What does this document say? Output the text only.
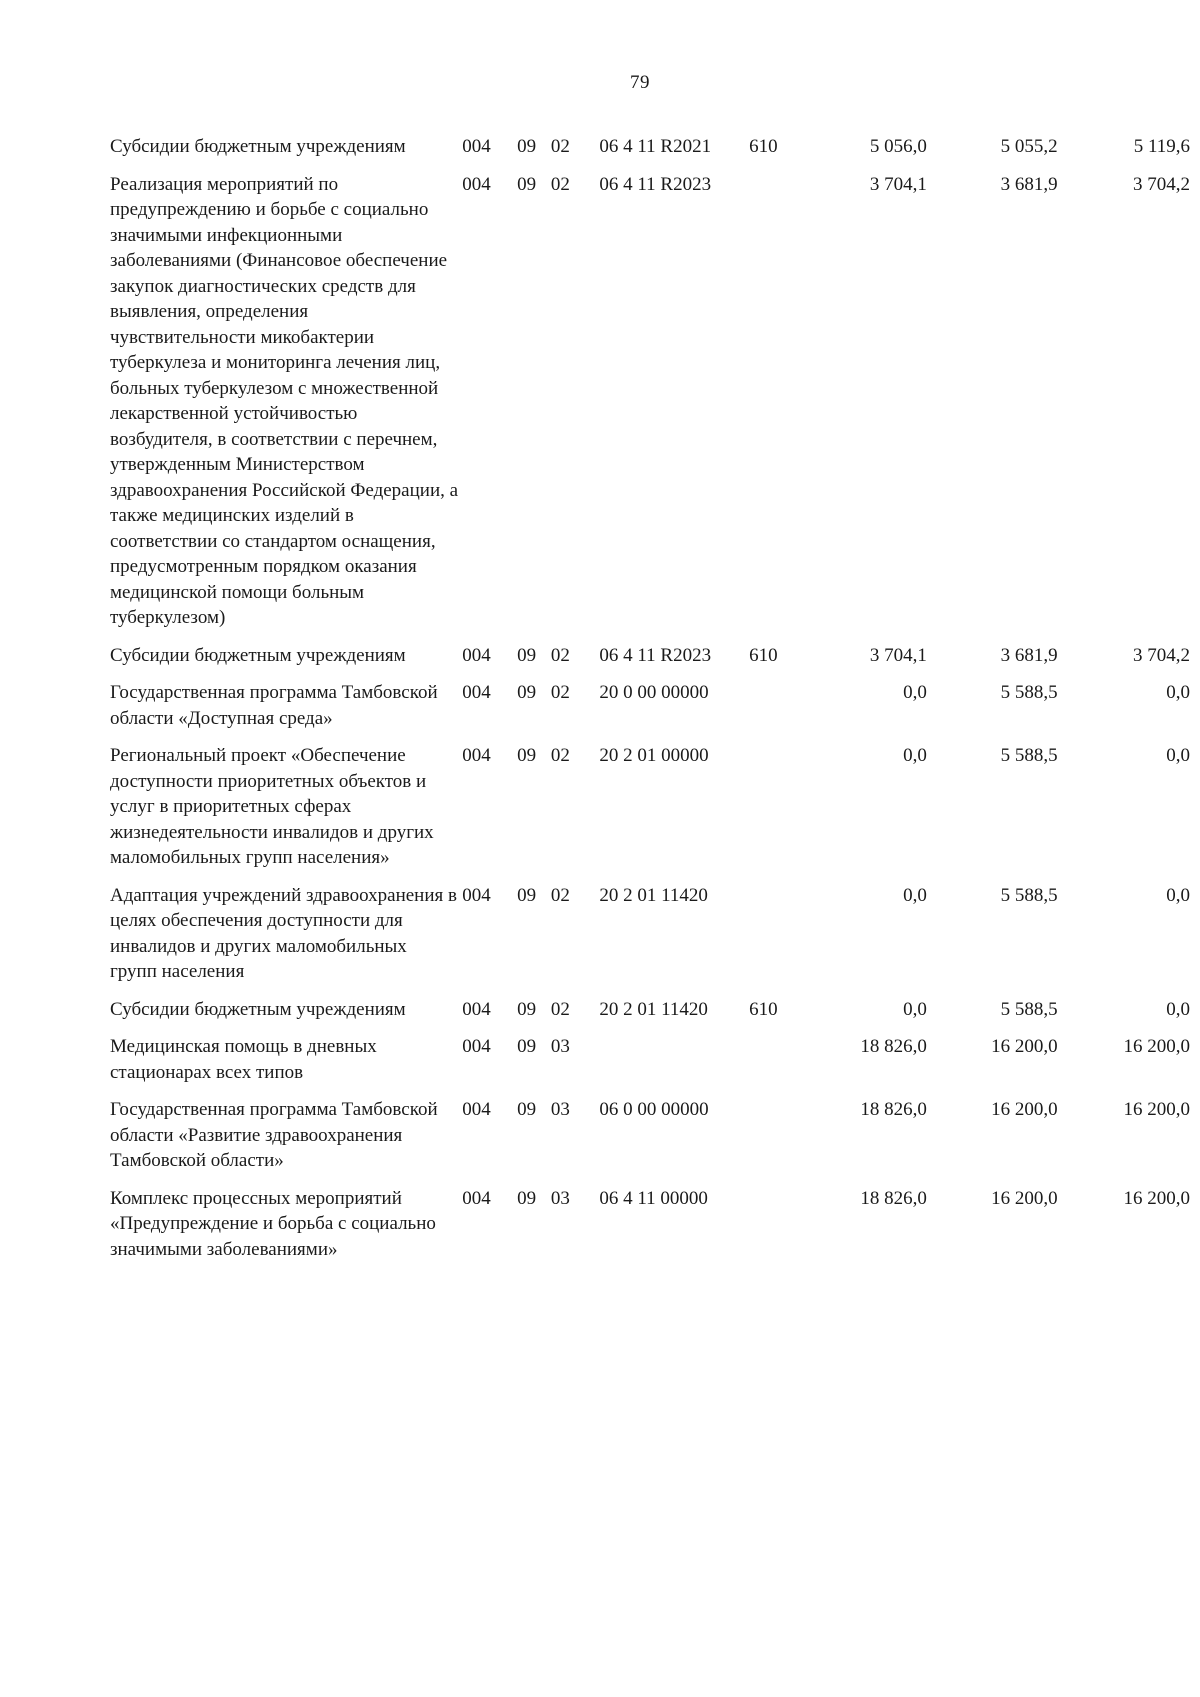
79
Субсидии бюджетным учреждениям	004	09	02	06 4 11 R2021	610	5 056,0	5 055,2	5 119,6
Реализация мероприятий по предупреждению и борьбе с социально значимыми инфекционными заболеваниями (Финансовое обеспечение закупок диагностических средств для выявления, определения чувствительности микобактерии туберкулеза и мониторинга лечения лиц, больных туберкулезом с множественной лекарственной устойчивостью возбудителя, в соответствии с перечнем, утвержденным Министерством здравоохранения Российской Федерации, а также медицинских изделий в соответствии со стандартом оснащения, предусмотренным порядком оказания медицинской помощи больным туберкулезом)	004	09	02	06 4 11 R2023		3 704,1	3 681,9	3 704,2
Субсидии бюджетным учреждениям	004	09	02	06 4 11 R2023	610	3 704,1	3 681,9	3 704,2
Государственная программа Тамбовской области «Доступная среда»	004	09	02	20 0 00 00000		0,0	5 588,5	0,0
Региональный проект «Обеспечение доступности приоритетных объектов и услуг в приоритетных сферах жизнедеятельности инвалидов и других маломобильных групп населения»	004	09	02	20 2 01 00000		0,0	5 588,5	0,0
Адаптация учреждений здравоохранения в целях обеспечения доступности для инвалидов и других маломобильных групп населения	004	09	02	20 2 01 11420		0,0	5 588,5	0,0
Субсидии бюджетным учреждениям	004	09	02	20 2 01 11420	610	0,0	5 588,5	0,0
Медицинская помощь в дневных стационарах всех типов	004	09	03			18 826,0	16 200,0	16 200,0
Государственная программа Тамбовской области «Развитие здравоохранения Тамбовской области»	004	09	03	06 0 00 00000		18 826,0	16 200,0	16 200,0
Комплекс процессных мероприятий «Предупреждение и борьба с социально значимыми заболеваниями»	004	09	03	06 4 11 00000		18 826,0	16 200,0	16 200,0
